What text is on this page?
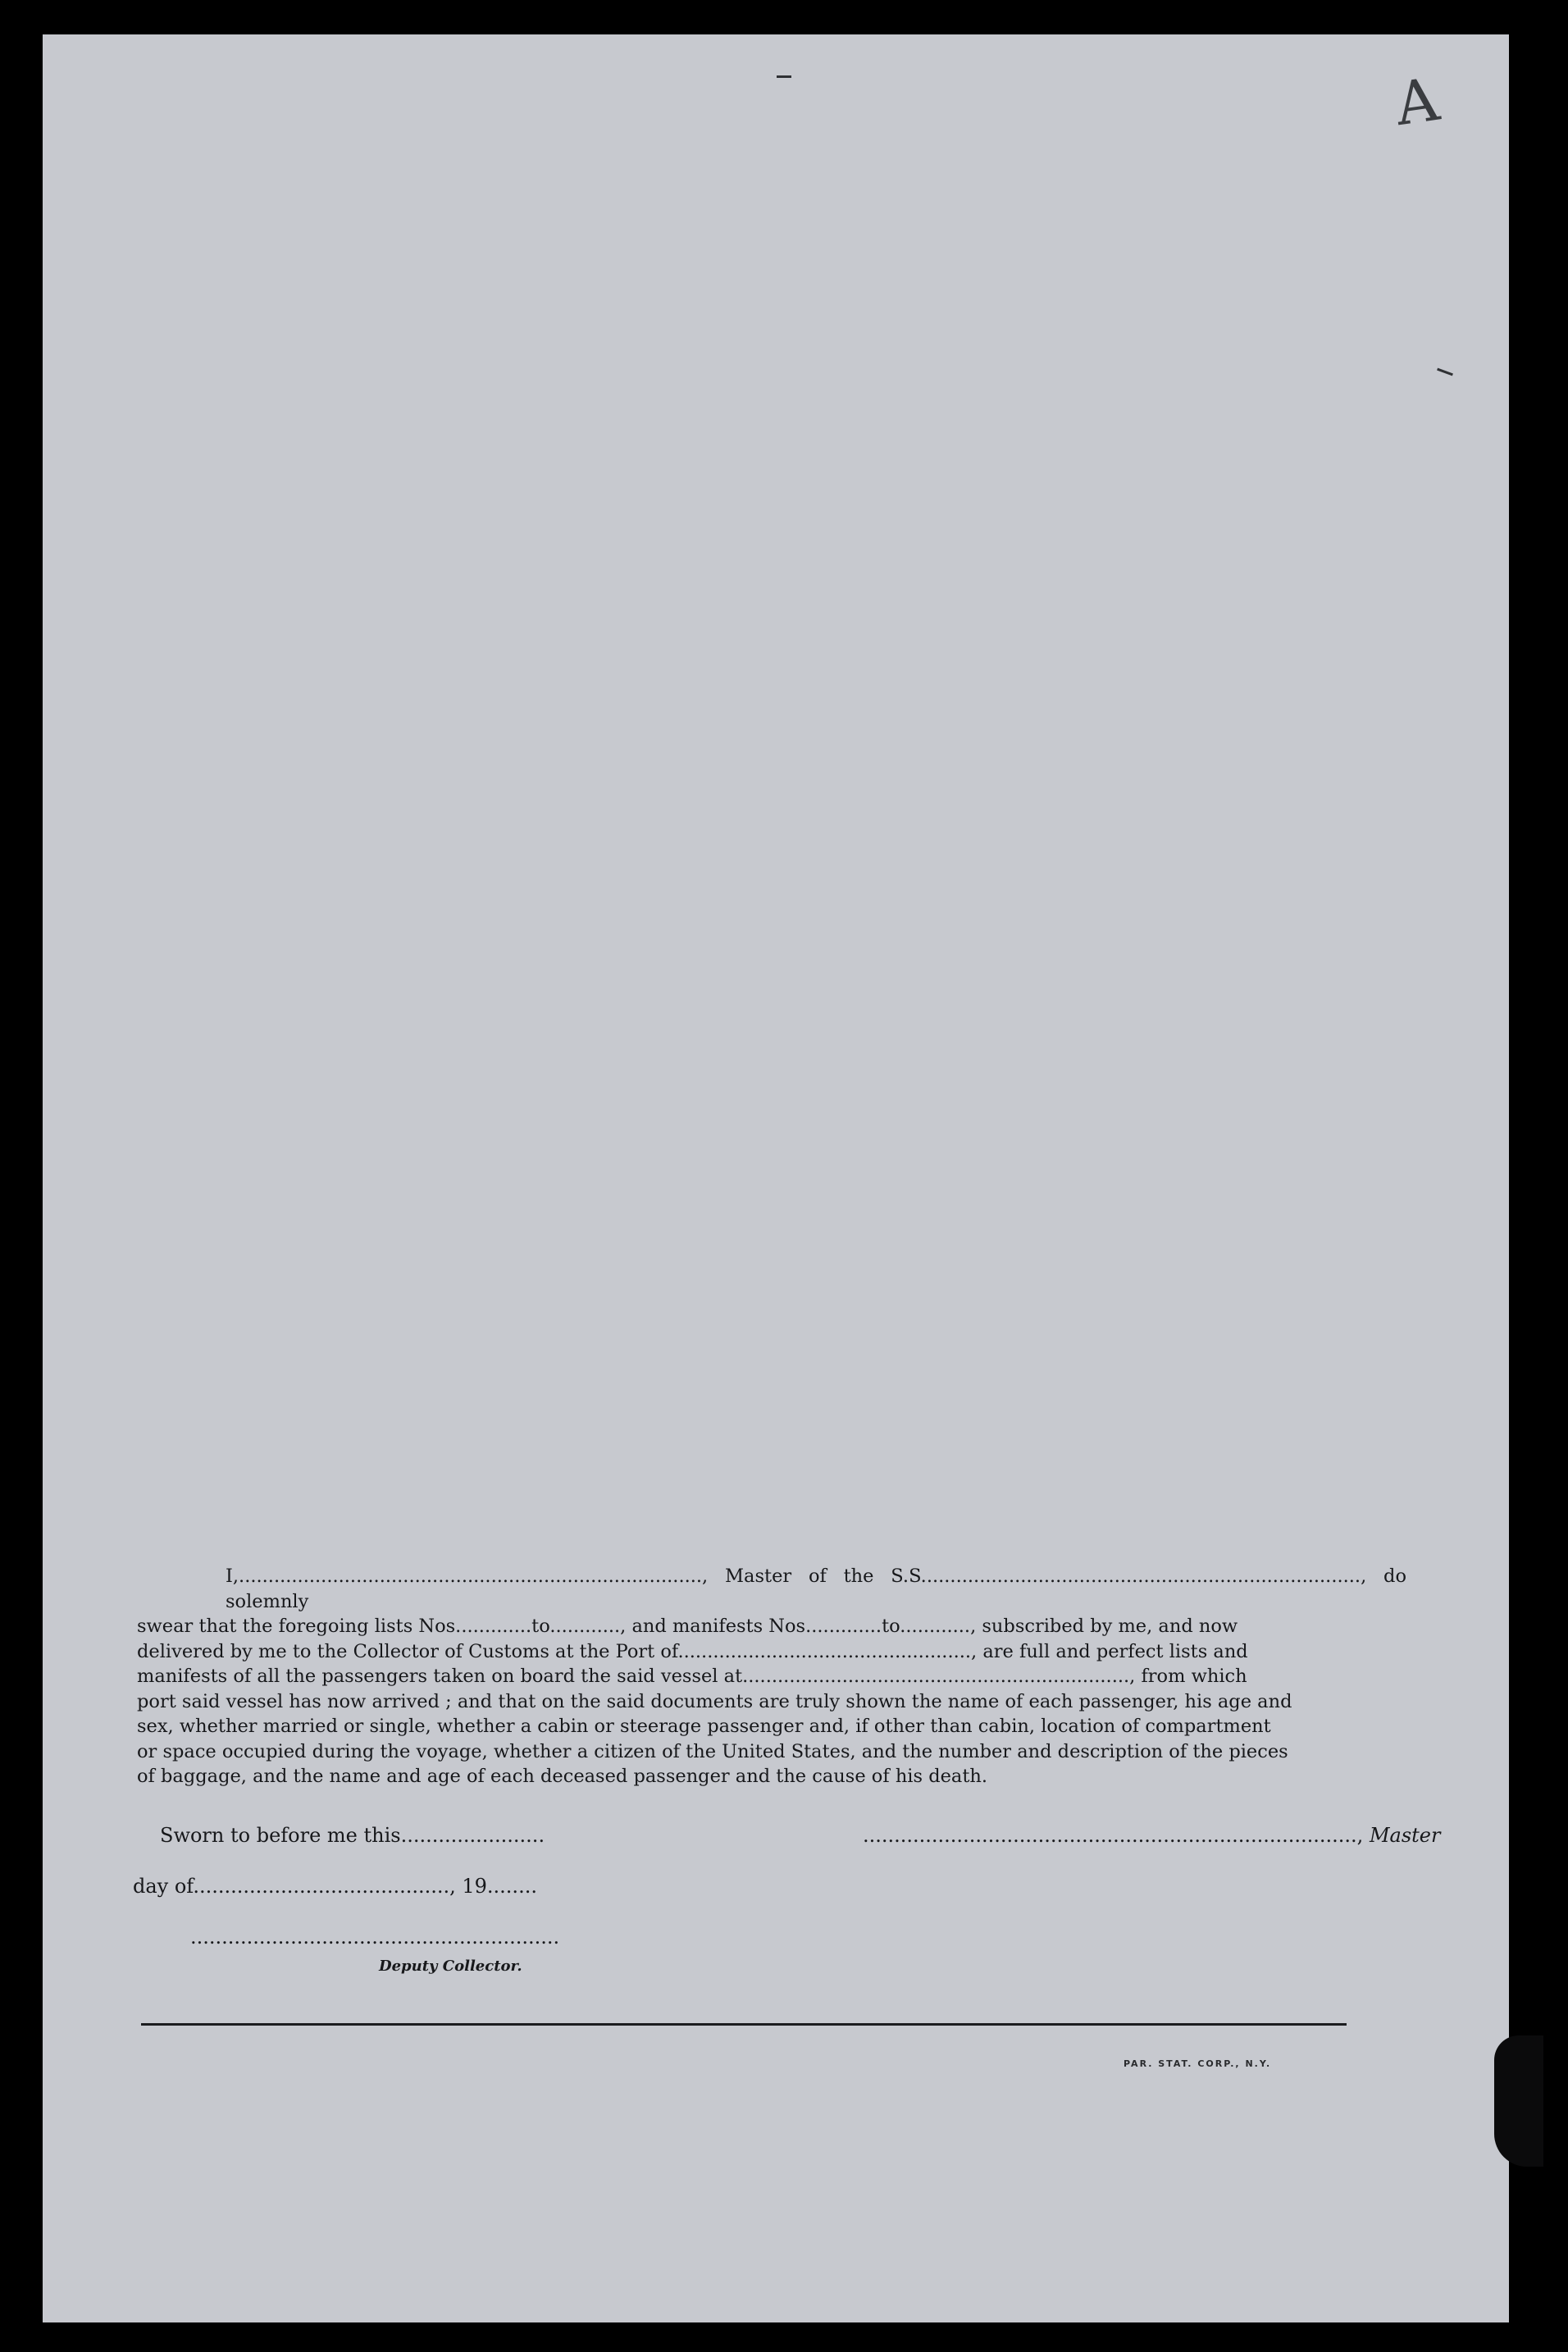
A
I,..............................................................................., Master of the S.S..........................................................................., do solemnly
swear that the foregoing lists Nos.............to............, and manifests Nos.............to............, subscribed by me, and now
delivered by me to the Collector of Customs at the Port of.................................................., are full and perfect lists and
manifests of all the passengers taken on board the said vessel at.................................................................., from which
port said vessel has now arrived ; and that on the said documents are truly shown the name of each passenger, his age and
sex, whether married or single, whether a cabin or steerage passenger and, if other than cabin, location of compartment
or space occupied during the voyage, whether a citizen of the United States, and the number and description of the pieces
of baggage, and the name and age of each deceased passenger and the cause of his death.
Sworn to before me this.......................	..............................................................................., Master
day of........................................., 19........
...........................................................
Deputy Collector.
PAR. STAT. CORP., N.Y.
